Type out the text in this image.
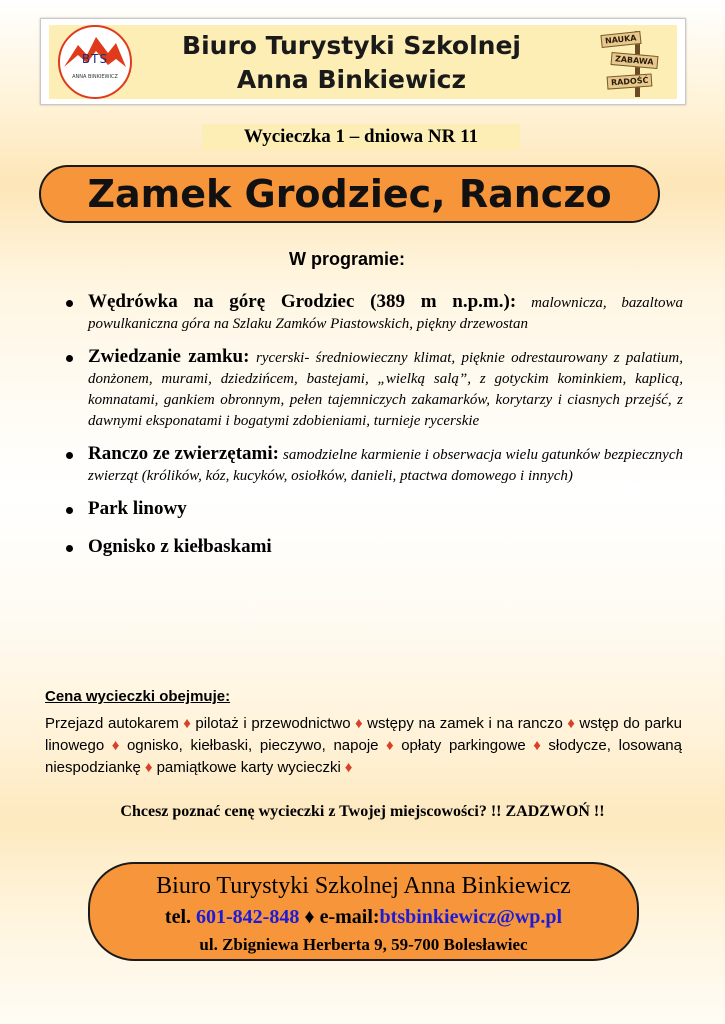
BTS
ANNA BINKIEWICZ
Biuro Turystyki Szkolnej
Anna Binkiewicz
NAUKA
ZABAWA
RADOŚĆ
Wycieczka 1 – dniowa NR 11
Zamek Grodziec, Ranczo
W programie:

Wędrówka na górę Grodziec (389 m n.p.m.): malownicza, bazaltowa powulkaniczna góra na Szlaku Zamków Piastowskich, piękny drzewostan

Zwiedzanie zamku: rycerski- średniowieczny klimat, pięknie odrestaurowany z palatium, donżonem, murami, dziedzińcem, bastejami, „wielką salą”, z gotyckim kominkiem, kaplicą, komnatami, gankiem obronnym, pełen tajemniczych zakamarków, korytarzy i ciasnych przejść, z dawnymi eksponatami i bogatymi zdobieniami, turnieje rycerskie

Ranczo ze zwierzętami: samodzielne karmienie i obserwacja wielu gatunków bezpiecznych zwierząt (królików, kóz, kucyków, osiołków, danieli, ptactwa domowego i innych)

Park linowy

Ognisko z kiełbaskami

Cena wycieczki obejmuje:
Przejazd autokarem ♦ pilotaż i przewodnictwo ♦ wstępy na zamek i na ranczo ♦ wstęp do parku linowego ♦ ognisko, kiełbaski, pieczywo, napoje ♦ opłaty parkingowe ♦ słodycze, losowaną niespodziankę ♦ pamiątkowe karty wycieczki ♦
Chcesz poznać cenę wycieczki z Twojej miejscowości? !! ZADZWOŃ !!
Biuro Turystyki Szkolnej Anna Binkiewicz
tel. 601-842-848 ♦ e-mail:btsbinkiewicz@wp.pl
ul. Zbigniewa Herberta 9, 59-700 Bolesławiec
